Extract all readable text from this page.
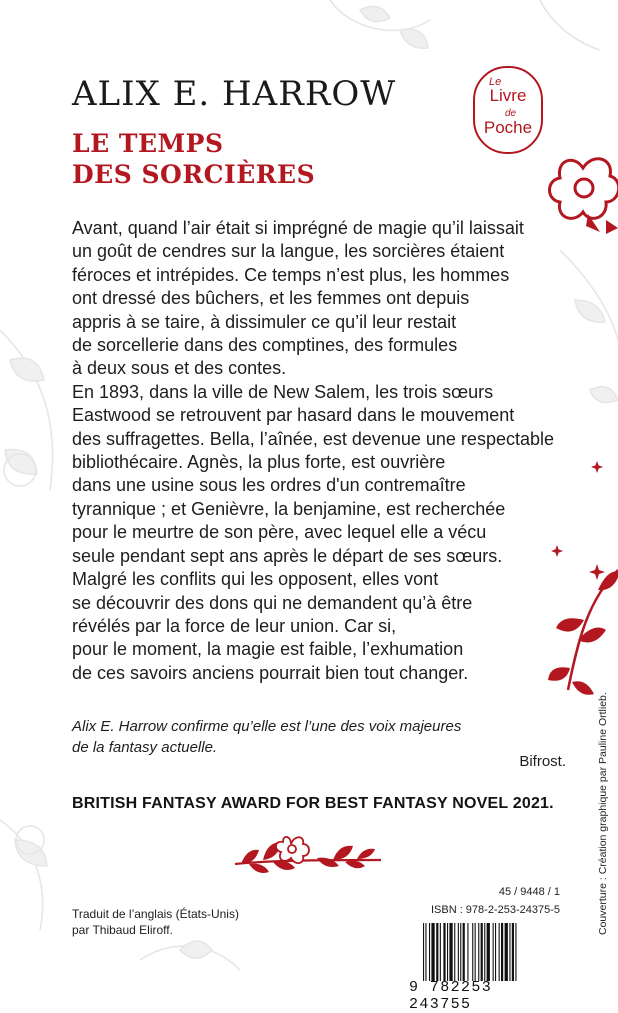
ALIX E. HARROW
LE TEMPS
DES SORCIÈRES
Le
Livre
de
Poche

Avant, quand l’air était si imprégné de magie qu’il laissait
un goût de cendres sur la langue, les sorcières étaient
féroces et intrépides. Ce temps n’est plus, les hommes
ont dressé des bûchers, et les femmes ont depuis
appris à se taire, à dissimuler ce qu’il leur restait
de sorcellerie dans des comptines, des formules
à deux sous et des contes.

En 1893, dans la ville de New Salem, les trois sœurs
Eastwood se retrouvent par hasard dans le mouvement
des suffragettes. Bella, l’aînée, est devenue une respectable
bibliothécaire. Agnès, la plus forte, est ouvrière
dans une usine sous les ordres d'un contremaître
tyrannique ; et Genièvre, la benjamine, est recherchée
pour le meurtre de son père, avec lequel elle a vécu
seule pendant sept ans après le départ de ses sœurs.
Malgré les conflits qui les opposent, elles vont
se découvrir des dons qui ne demandent qu’à être
révélés par la force de leur union. Car si,
pour le moment, la magie est faible, l’exhumation
de ces savoirs anciens pourrait bien tout changer.

Alix E. Harrow confirme qu’elle est l’une des voix majeures
de la fantasy actuelle.

Bifrost.

BRITISH FANTASY AWARD FOR BEST FANTASY NOVEL 2021.

Traduit de l’anglais (États-Unis)
par Thibaud Eliroff.

45 / 9448 / 1

ISBN : 978-2-253-24375-5

9 782253 243755

Couverture : Création graphique par Pauline Ortlieb.
